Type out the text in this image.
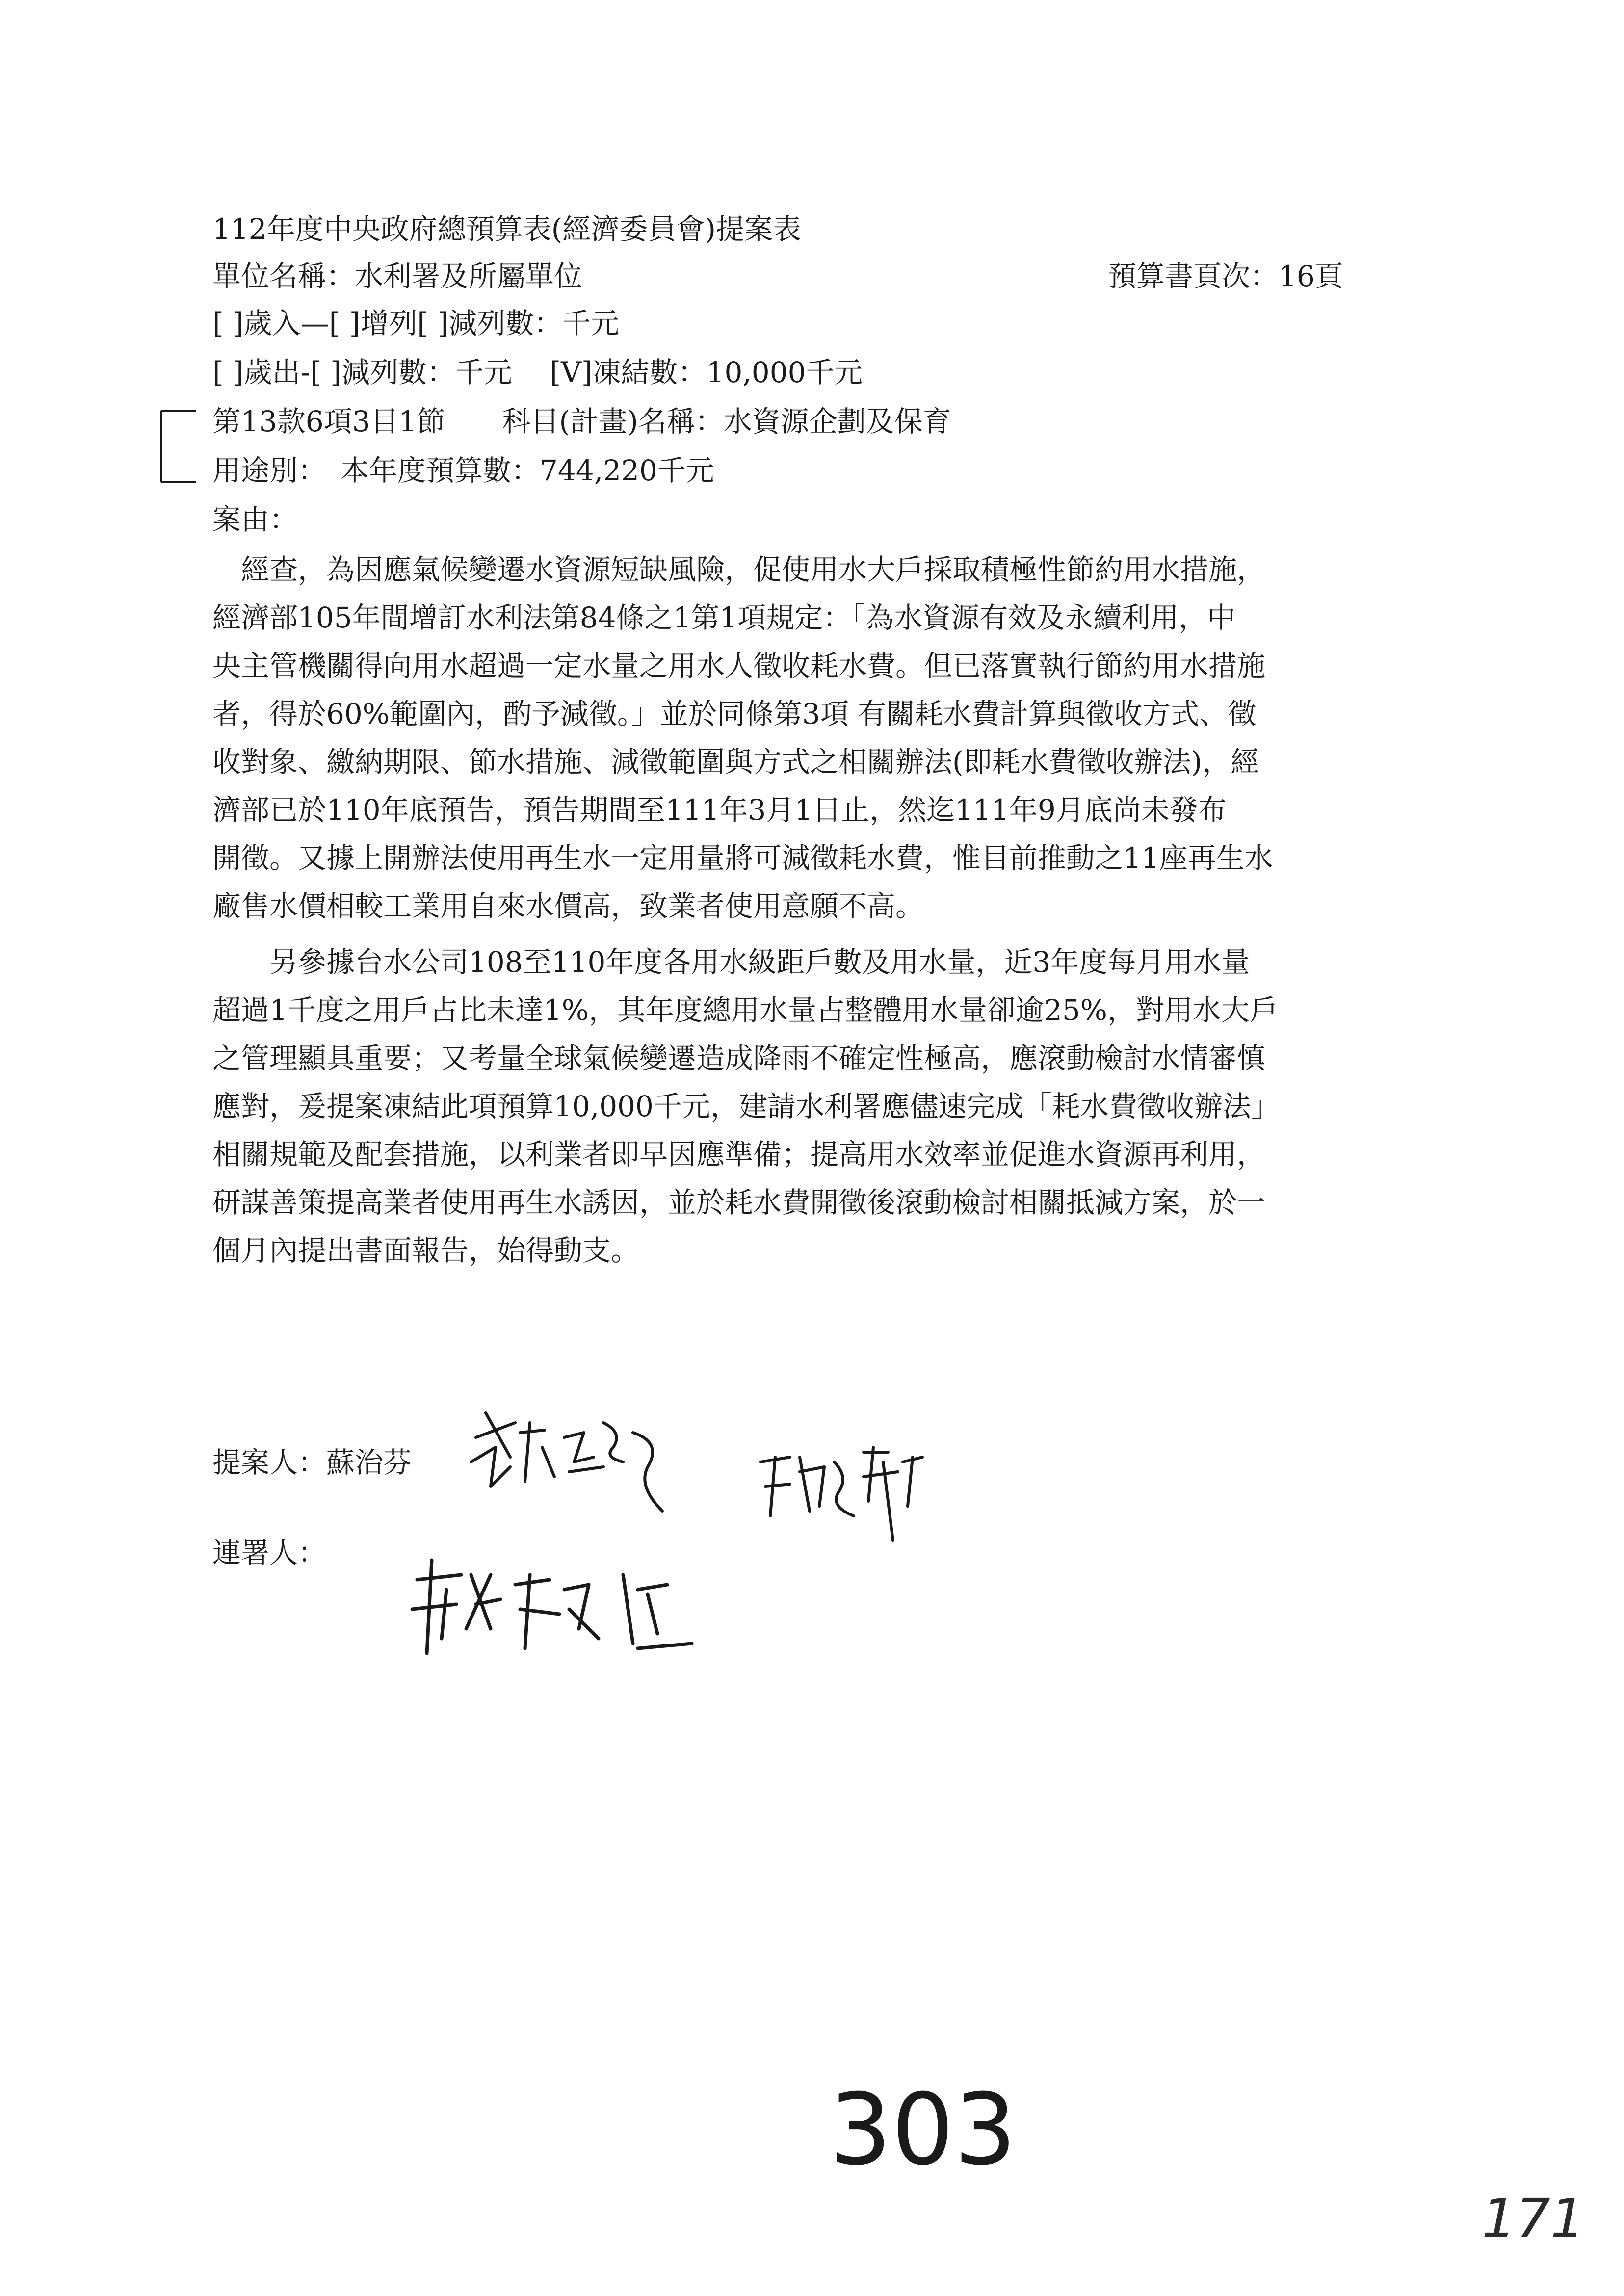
112年度中央政府總預算表(經濟委員會)提案表
單位名稱：水利署及所屬單位	預算書頁次：16頁
[ ]歲入—[ ]增列[ ]減列數：千元
[ ]歲出-[ ]減列數：千元　 [V]凍結數：10,000千元
第13款6項3目1節　　科目(計畫)名稱：水資源企劃及保育
用途別：　本年度預算數：744,220千元
案由：
　經查，為因應氣候變遷水資源短缺風險，促使用水大戶採取積極性節約用水措施，
經濟部105年間增訂水利法第84條之1第1項規定：「為水資源有效及永續利用，中
央主管機關得向用水超過一定水量之用水人徵收耗水費。但已落實執行節約用水措施
者，得於60%範圍內，酌予減徵。」並於同條第3項 有關耗水費計算與徵收方式、徵
收對象、繳納期限、節水措施、減徵範圍與方式之相關辦法(即耗水費徵收辦法)，經
濟部已於110年底預告，預告期間至111年3月1日止，然迄111年9月底尚未發布
開徵。又據上開辦法使用再生水一定用量將可減徵耗水費，惟目前推動之11座再生水
廠售水價相較工業用自來水價高，致業者使用意願不高。
　　另參據台水公司108至110年度各用水級距戶數及用水量，近3年度每月用水量
超過1千度之用戶占比未達1%，其年度總用水量占整體用水量卻逾25%，對用水大戶
之管理顯具重要；又考量全球氣候變遷造成降雨不確定性極高，應滾動檢討水情審慎
應對，爰提案凍結此項預算10,000千元，建請水利署應儘速完成「耗水費徵收辦法」
相關規範及配套措施，以利業者即早因應準備；提高用水效率並促進水資源再利用，
研謀善策提高業者使用再生水誘因，並於耗水費開徵後滾動檢討相關抵減方案，於一
個月內提出書面報告，始得動支。
提案人：蘇治芬
連署人：
303
171
